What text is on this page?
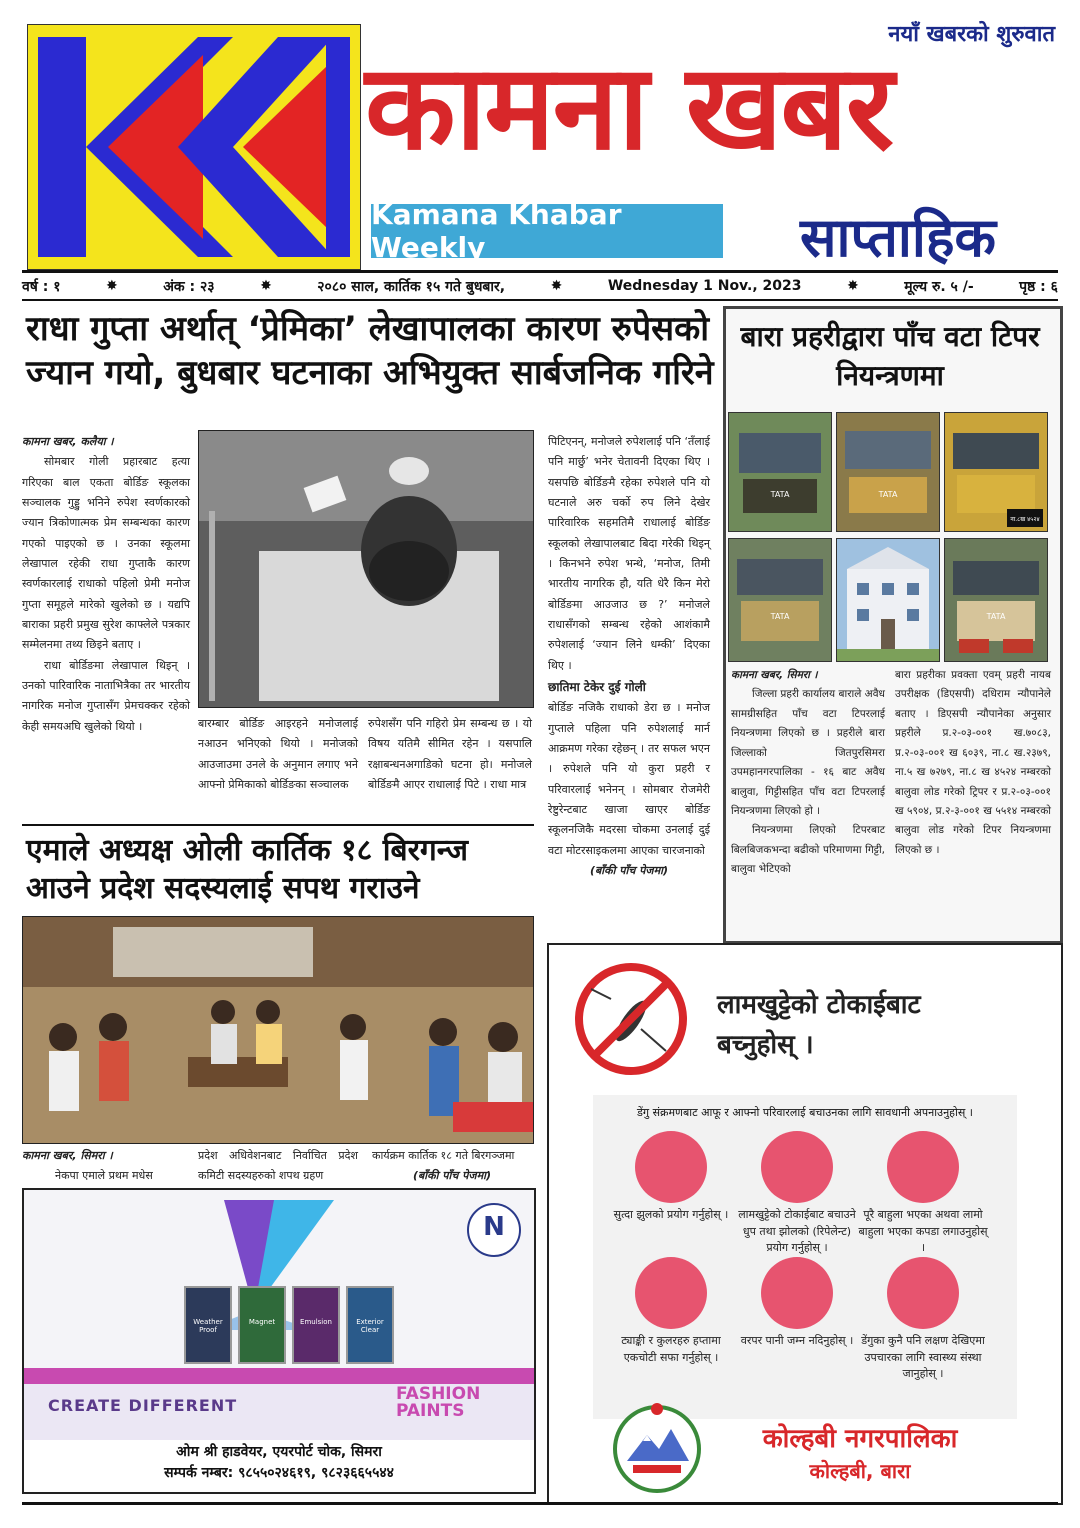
नयाँ खबरको शुरुवात
कामना खबर
Kamana Khabar Weekly	साप्ताहिक
वर्ष : १	✸	अंक : २३	✸	२०८० साल, कार्तिक १५ गते बुधबार,	✸	Wednesday 1 Nov., 2023	✸	मूल्य रु. ५ /-	पृष्ठ : ६
राधा गुप्ता अर्थात् ‘प्रेमिका’ लेखापालका कारण रुपेसको ज्यान गयो, बुधबार घटनाका अभियुक्त सार्बजनिक गरिने
कामना खबर, कलैया ।
सोमबार गोली प्रहारबाट हत्या गरिएका बाल एकता बोर्डिङ स्कूलका सञ्चालक गुड्डु भनिने रुपेश स्वर्णकारको ज्यान त्रिकोणात्मक प्रेम सम्बन्धका कारण गएको पाइएको छ । उनका स्कूलमा लेखापाल रहेकी राधा गुप्ताकै कारण स्वर्णकारलाई राधाको पहिलो प्रेमी मनोज गुप्ता समूहले मारेको खुलेको छ । यद्यपि बाराका प्रहरी प्रमुख सुरेश काफ्लेले पत्रकार सम्मेलनमा तथ्य छिइने बताए ।
राधा बोर्डिङमा लेखापाल थिइन् । उनको पारिवारिक नाताभित्रैका तर भारतीय नागरिक मनोज गुप्तासँग प्रेमचक्कर रहेको केही समयअघि खुलेको थियो ।	बारम्बार बोर्डिङ आइरहने मनोजलाई नआउन भनिएको थियो । मनोजको आउजाउमा उनले के अनुमान लगाए भने आफ्नो प्रेमिकाको बोर्डिङका सञ्चालक
रुपेशसँग पनि गहिरो प्रेम सम्बन्ध छ । यो विषय यतिमै सीमित रहेन । यसपालि रक्षाबन्धनअगाडिको घटना हो। मनोजले बोर्डिङमै आएर राधालाई पिटे । राधा मात्र
पिटिएनन्, मनोजले रुपेशलाई पनि ‘तँलाई पनि मार्छु’ भनेर चेतावनी दिएका थिए । यसपछि बोर्डिङमै रहेका रुपेशले पनि यो घटनाले अरु चर्को रुप लिने देखेर पारिवारिक सहमतिमै राधालाई बोर्डिङ स्कूलको लेखापालबाट बिदा गरेकी थिइन् । किनभने रुपेश भन्थे, ‘मनोज, तिमी भारतीय नागरिक हौ, यति धेरै किन मेरो बोर्डिङमा आउजाउ छ ?’ मनोजले राधासँगको सम्बन्ध रहेको आशंकामै रुपेशलाई ‘ज्यान लिने धम्की’ दिएका थिए ।
छातिमा टेकेर दुई गोली
बोर्डिङ नजिकै राधाको डेरा छ । मनोज गुप्ताले पहिला पनि रुपेशलाई मार्न आक्रमण गरेका रहेछन् । तर सफल भएन । रुपेशले पनि यो कुरा प्रहरी र परिवारलाई भनेनन् । सोमबार रोजमेरी रेष्टुरेन्टबाट खाजा खाएर बोर्डिङ स्कूलनजिकै मदरसा चोकमा उनलाई दुई वटा मोटरसाइकलमा आएका चारजनाको
(बाँकी पाँच पेजमा)
एमाले अध्यक्ष ओली कार्तिक १८ बिरगन्ज आउने प्रदेश सदस्यलाई सपथ गराउने
कामना खबर, सिमरा ।
नेकपा एमाले प्रथम मधेस
प्रदेश अधिवेशनबाट निर्वाचित प्रदेश कमिटी सदस्यहरुको शपथ ग्रहण
कार्यक्रम कार्तिक १८ गते बिरगञ्जमा
(बाँकी पाँच पेजमा)
बारा प्रहरीद्वारा पाँच वटा टिपर नियन्त्रणमा
TATA	TATA
ना.८ख ४५२४
TATA	TATA
कामना खबर, सिमरा ।
जिल्ला प्रहरी कार्यालय बाराले अवैध सामग्रीसहित पाँच वटा टिपरलाई नियन्त्रणमा लिएको छ । प्रहरीले बारा जिल्लाको जितपुरसिमरा उपमहानगरपालिका - १६ बाट अवैध बालुवा, गिट्टीसहित पाँच वटा टिपरलाई नियन्त्रणमा लिएको हो ।
नियन्त्रणमा लिएको टिपरबाट बिलबिजकभन्दा बढीको परिमाणमा गिट्टी, बालुवा भेटिएको
बारा प्रहरीका प्रवक्ता एवम् प्रहरी नायब उपरीक्षक (डिएसपी) दधिराम न्यौपानेले बताए । डिएसपी न्यौपानेका अनुसार प्रहरीले प्र.२-०३-००१ ख.७०८३, प्र.२-०३-००१ ख ६०३९, ना.८ ख.२३७९, ना.५ ख ७२७९, ना.८ ख ४५२४ नम्बरको बालुवा लोड गरेको ट्रिपर र प्र.२-०३-००१ ख ५९०४, प्र.२-३-००१ ख ५५१४ नम्बरको बालुवा लोड गरेको टिपर नियन्त्रणमा लिएको छ ।
N
Weather Proof
Magnet	Emulsion	Exterior Clear
CREATE DIFFERENT
FASHION
PAINTS
ओम श्री हाडवेयर, एयरपोर्ट चोक, सिमरा
सम्पर्क नम्बर: ९८५५०२४६१९, ९८२३६६५५४४
लामखुट्टेको टोकाईबाट
बच्नुहोस् ।
डेंगु संक्रमणबाट आफू र आफ्नो परिवारलाई बचाउनका लागि सावधानी अपनाउनुहोस् ।
सुत्दा झुलको प्रयोग गर्नुहोस् । लामखुट्टेको टोकाईबाट बचाउने धुप तथा झोलको (रिपेलेन्ट) प्रयोग गर्नुहोस् ।
पूरै बाहुला भएका अथवा लामो बाहुला भएका कपडा लगाउनुहोस् ।
ट्याङ्की र कुलरहरु हप्तामा एकचोटी सफा गर्नुहोस् ।
वरपर पानी जम्न नदिनुहोस् । डेंगुका कुनै पनि लक्षण देखिएमा उपचारका लागि स्वास्थ्य संस्था जानुहोस् ।
कोल्हबी नगरपालिका
कोल्हबी, बारा
